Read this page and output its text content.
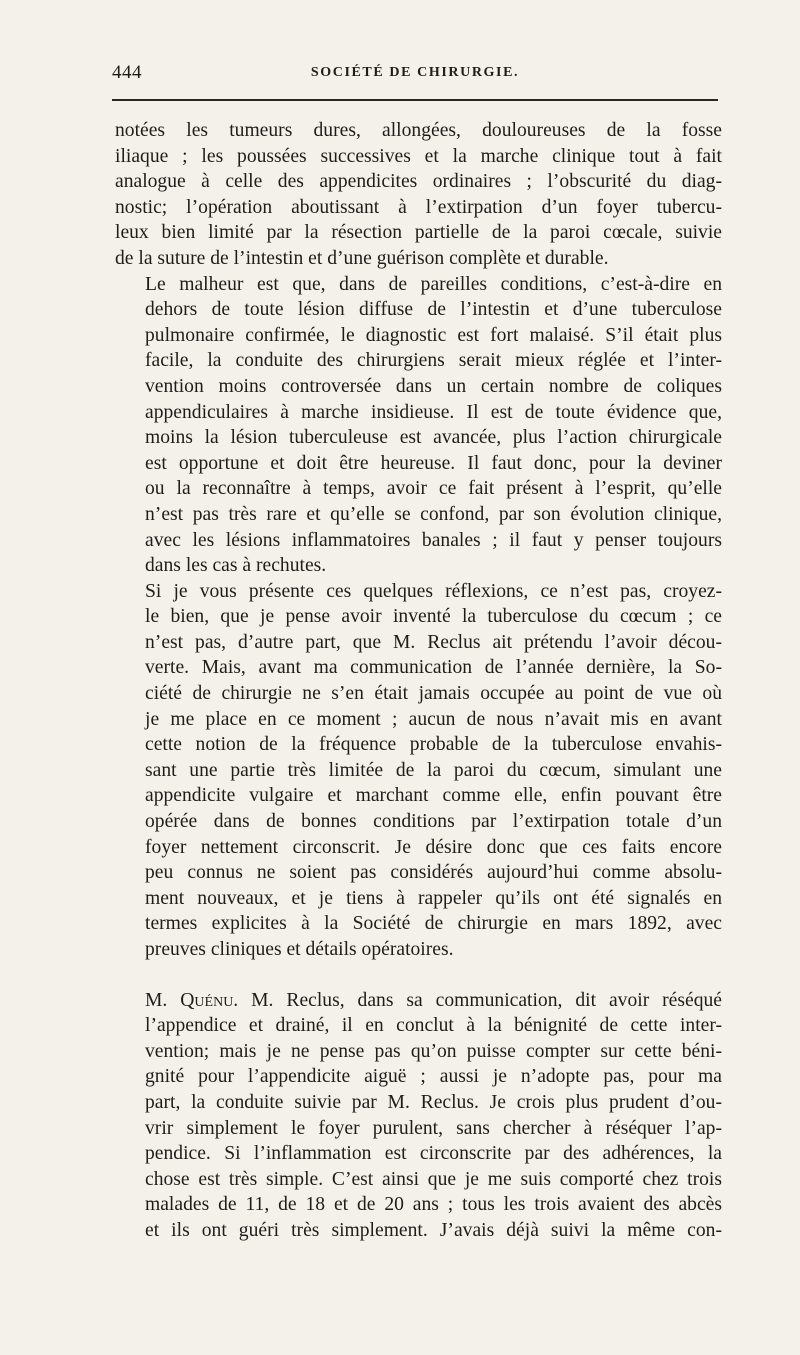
444	SOCIÉTÉ DE CHIRURGIE.

notées les tumeurs dures, allongées, douloureuses de la fosse
iliaque ; les poussées successives et la marche clinique tout à fait
analogue à celle des appendicites ordinaires ; l’obscurité du diag-
nostic; l’opération aboutissant à l’extirpation d’un foyer tubercu-
leux bien limité par la résection partielle de la paroi cœcale, suivie
de la suture de l’intestin et d’une guérison complète et durable.

Le malheur est que, dans de pareilles conditions, c’est-à-dire en
dehors de toute lésion diffuse de l’intestin et d’une tuberculose
pulmonaire confirmée, le diagnostic est fort malaisé. S’il était plus
facile, la conduite des chirurgiens serait mieux réglée et l’inter-
vention moins controversée dans un certain nombre de coliques
appendiculaires à marche insidieuse. Il est de toute évidence que,
moins la lésion tuberculeuse est avancée, plus l’action chirurgicale
est opportune et doit être heureuse. Il faut donc, pour la deviner
ou la reconnaître à temps, avoir ce fait présent à l’esprit, qu’elle
n’est pas très rare et qu’elle se confond, par son évolution clinique,
avec les lésions inflammatoires banales ; il faut y penser toujours
dans les cas à rechutes.

Si je vous présente ces quelques réflexions, ce n’est pas, croyez-
le bien, que je pense avoir inventé la tuberculose du cœcum ; ce
n’est pas, d’autre part, que M. Reclus ait prétendu l’avoir décou-
verte. Mais, avant ma communication de l’année dernière, la So-
ciété de chirurgie ne s’en était jamais occupée au point de vue où
je me place en ce moment ; aucun de nous n’avait mis en avant
cette notion de la fréquence probable de la tuberculose envahis-
sant une partie très limitée de la paroi du cœcum, simulant une
appendicite vulgaire et marchant comme elle, enfin pouvant être
opérée dans de bonnes conditions par l’extirpation totale d’un
foyer nettement circonscrit. Je désire donc que ces faits encore
peu connus ne soient pas considérés aujourd’hui comme absolu-
ment nouveaux, et je tiens à rappeler qu’ils ont été signalés en
termes explicites à la Société de chirurgie en mars 1892, avec
preuves cliniques et détails opératoires.

M. Quénu. M. Reclus, dans sa communication, dit avoir réséqué
l’appendice et drainé, il en conclut à la bénignité de cette inter-
vention; mais je ne pense pas qu’on puisse compter sur cette béni-
gnité pour l’appendicite aiguë ; aussi je n’adopte pas, pour ma
part, la conduite suivie par M. Reclus. Je crois plus prudent d’ou-
vrir simplement le foyer purulent, sans chercher à réséquer l’ap-
pendice. Si l’inflammation est circonscrite par des adhérences, la
chose est très simple. C’est ainsi que je me suis comporté chez trois
malades de 11, de 18 et de 20 ans ; tous les trois avaient des abcès
et ils ont guéri très simplement. J’avais déjà suivi la même con-
